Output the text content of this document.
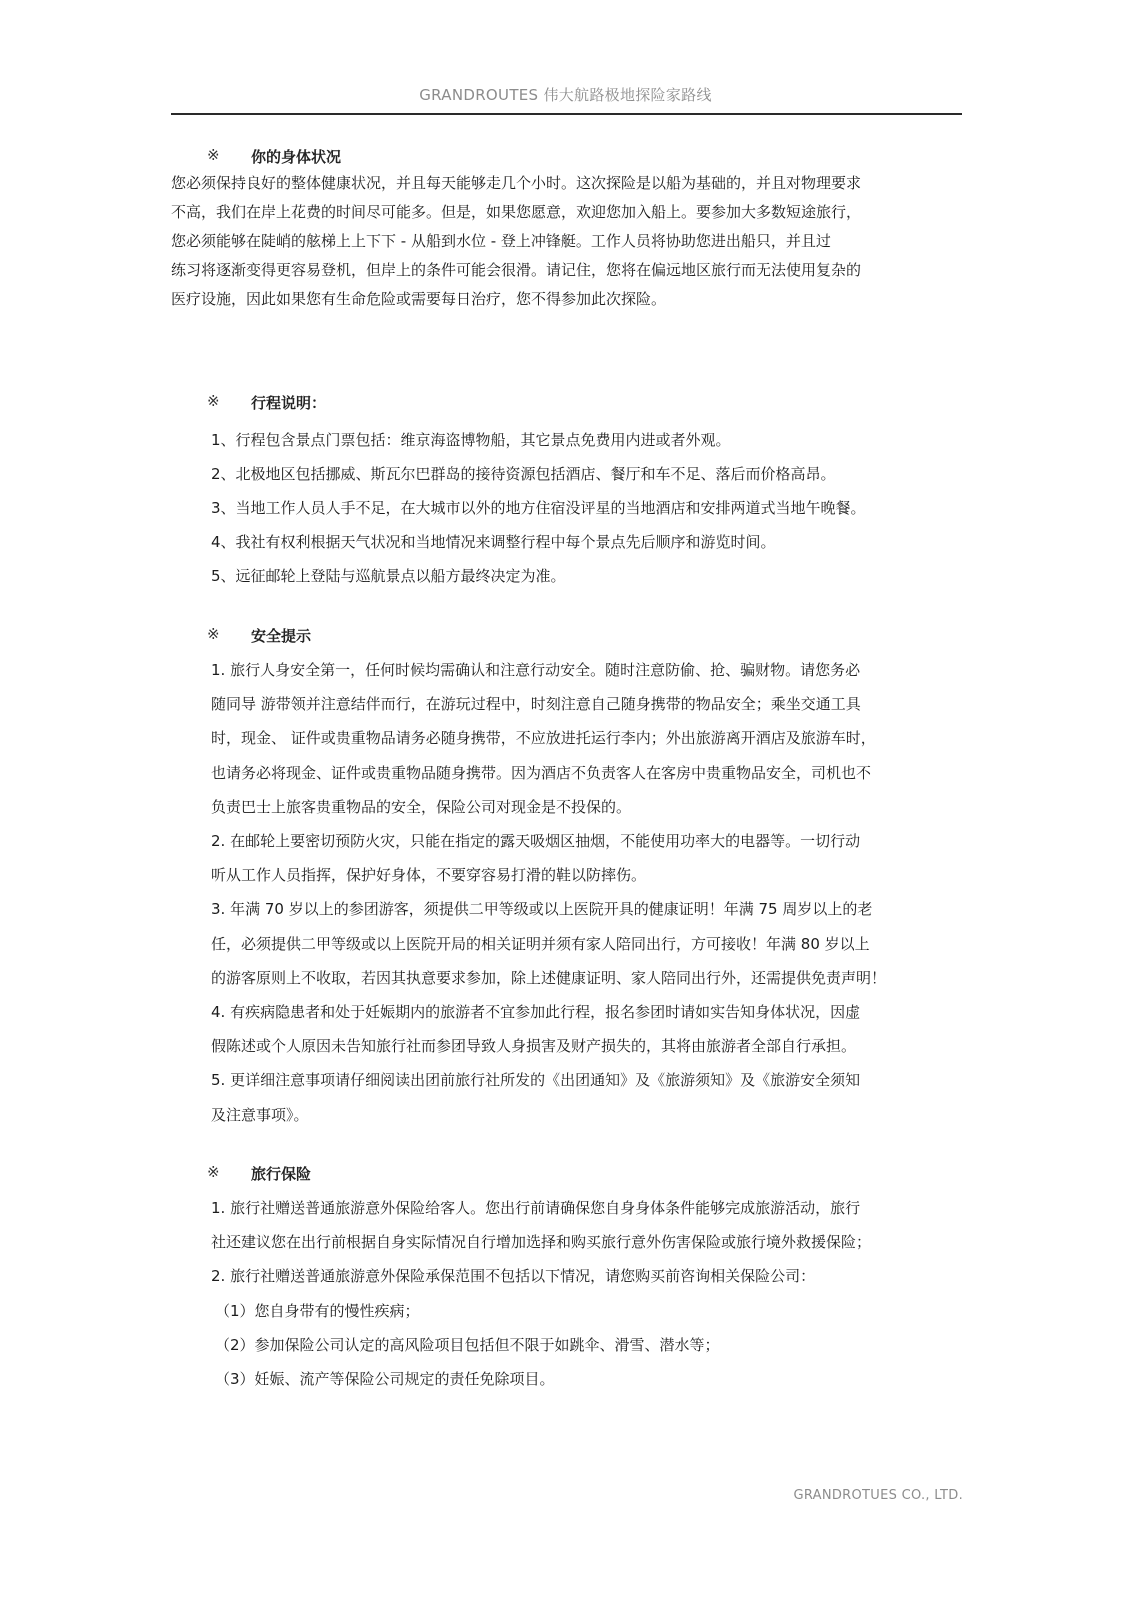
GRANDROUTES 伟大航路极地探险家路线
※ 你的身体状况

您必须保持良好的整体健康状况，并且每天能够走几个小时。这次探险是以船为基础的，并且对物理要求

不高，我们在岸上花费的时间尽可能多。但是，如果您愿意，欢迎您加入船上。要参加大多数短途旅行，

您必须能够在陡峭的舷梯上上下下 - 从船到水位 - 登上冲锋艇。工作人员将协助您进出船只，并且过

练习将逐渐变得更容易登机，但岸上的条件可能会很滑。请记住，您将在偏远地区旅行而无法使用复杂的

医疗设施，因此如果您有生命危险或需要每日治疗，您不得参加此次探险。

※ 行程说明：

1、行程包含景点门票包括：维京海盗博物船，其它景点免费用内进或者外观。

2、北极地区包括挪威、斯瓦尔巴群岛的接待资源包括酒店、餐厅和车不足、落后而价格高昂。

3、当地工作人员人手不足，在大城市以外的地方住宿没评星的当地酒店和安排两道式当地午晚餐。

4、我社有权利根据天气状况和当地情况来调整行程中每个景点先后顺序和游览时间。

5、远征邮轮上登陆与巡航景点以船方最终决定为准。

※ 安全提示

1. 旅行人身安全第一，任何时候均需确认和注意行动安全。随时注意防偷、抢、骗财物。请您务必

随同导 游带领并注意结伴而行，在游玩过程中，时刻注意自己随身携带的物品安全；乘坐交通工具

时，现金、 证件或贵重物品请务必随身携带，不应放进托运行李内；外出旅游离开酒店及旅游车时，

也请务必将现金、证件或贵重物品随身携带。因为酒店不负责客人在客房中贵重物品安全，司机也不

负责巴士上旅客贵重物品的安全，保险公司对现金是不投保的。

2. 在邮轮上要密切预防火灾，只能在指定的露天吸烟区抽烟，不能使用功率大的电器等。一切行动

听从工作人员指挥，保护好身体，不要穿容易打滑的鞋以防摔伤。

3. 年满 70 岁以上的参团游客，须提供二甲等级或以上医院开具的健康证明！年满 75 周岁以上的老

任，必须提供二甲等级或以上医院开局的相关证明并须有家人陪同出行，方可接收！年满 80 岁以上

的游客原则上不收取，若因其执意要求参加，除上述健康证明、家人陪同出行外，还需提供免责声明！

4. 有疾病隐患者和处于妊娠期内的旅游者不宜参加此行程，报名参团时请如实告知身体状况，因虚

假陈述或个人原因未告知旅行社而参团导致人身损害及财产损失的，其将由旅游者全部自行承担。

5. 更详细注意事项请仔细阅读出团前旅行社所发的《出团通知》及《旅游须知》及《旅游安全须知

及注意事项》。

※ 旅行保险

1. 旅行社赠送普通旅游意外保险给客人。您出行前请确保您自身身体条件能够完成旅游活动，旅行

社还建议您在出行前根据自身实际情况自行增加选择和购买旅行意外伤害保险或旅行境外救援保险；

2. 旅行社赠送普通旅游意外保险承保范围不包括以下情况，请您购买前咨询相关保险公司：

（1）您自身带有的慢性疾病；

（2）参加保险公司认定的高风险项目包括但不限于如跳伞、滑雪、潜水等；

（3）妊娠、流产等保险公司规定的责任免除项目。

GRANDROTUES CO., LTD.
